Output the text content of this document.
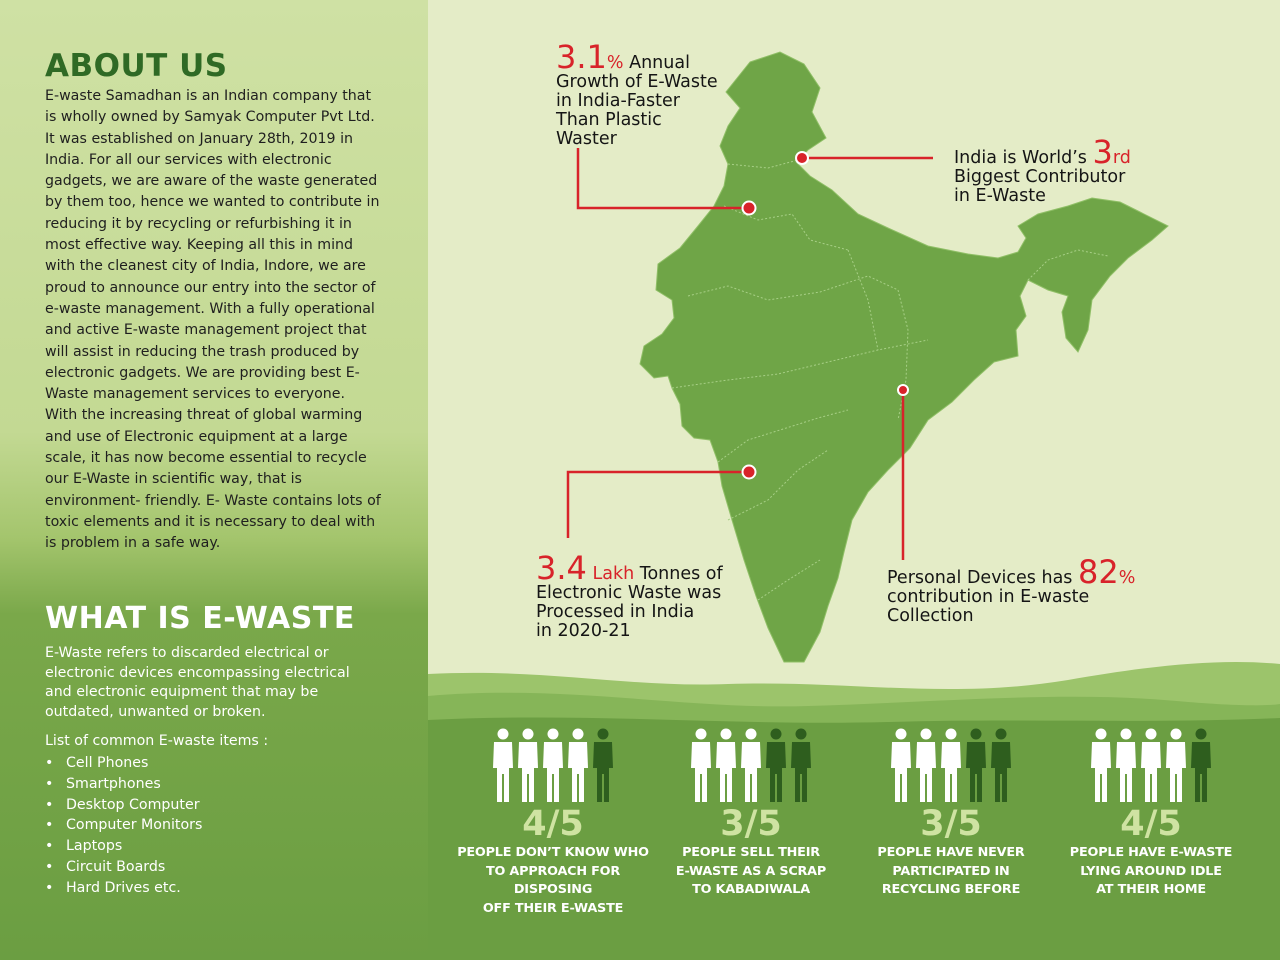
ABOUT US

E-waste Samadhan is an Indian company that is wholly owned by Samyak Computer Pvt Ltd. It was established on January 28th, 2019 in India. For all our services with electronic gadgets, we are aware of the waste generated by them too, hence we wanted to contribute in reducing it by recycling or refurbishing it in most effective way. Keeping all this in mind with the cleanest city of India, Indore, we are proud to announce our entry into the sector of e-waste management. With a fully operational and active E-waste management project that will assist in reducing the trash produced by electronic gadgets. We are providing best E- Waste management services to everyone. With the increasing threat of global warming and use of Electronic equipment at a large scale, it has now become essential to recycle our E-Waste in scientific way, that is environment- friendly. E- Waste contains lots of toxic elements and it is necessary to deal with is problem in a safe way.

WHAT IS E-WASTE

E-Waste refers to discarded electrical or electronic devices encompassing electrical and electronic equipment that may be outdated, unwanted or broken.

List of common E-waste items :

• Cell Phones
• Smartphones
• Desktop Computer
• Computer Monitors
• Laptops
• Circuit Boards
• Hard Drives etc.
3.1% Annual
Growth of E-Waste
in India-Faster
Than Plastic
Waster
India is World’s 3rd
Biggest Contributor
in E-Waste
3.4 Lakh Tonnes of
Electronic Waste was
Processed in India
in 2020-21
Personal Devices has 82%
contribution in E-waste
Collection
4/5
PEOPLE DON’T KNOW WHO
TO APPROACH FOR DISPOSING
OFF THEIR E-WASTE
3/5
PEOPLE SELL THEIR
E-WASTE AS A SCRAP
TO KABADIWALA
3/5
PEOPLE HAVE NEVER
PARTICIPATED IN
RECYCLING BEFORE
4/5
PEOPLE HAVE E-WASTE
LYING AROUND IDLE
AT THEIR HOME
